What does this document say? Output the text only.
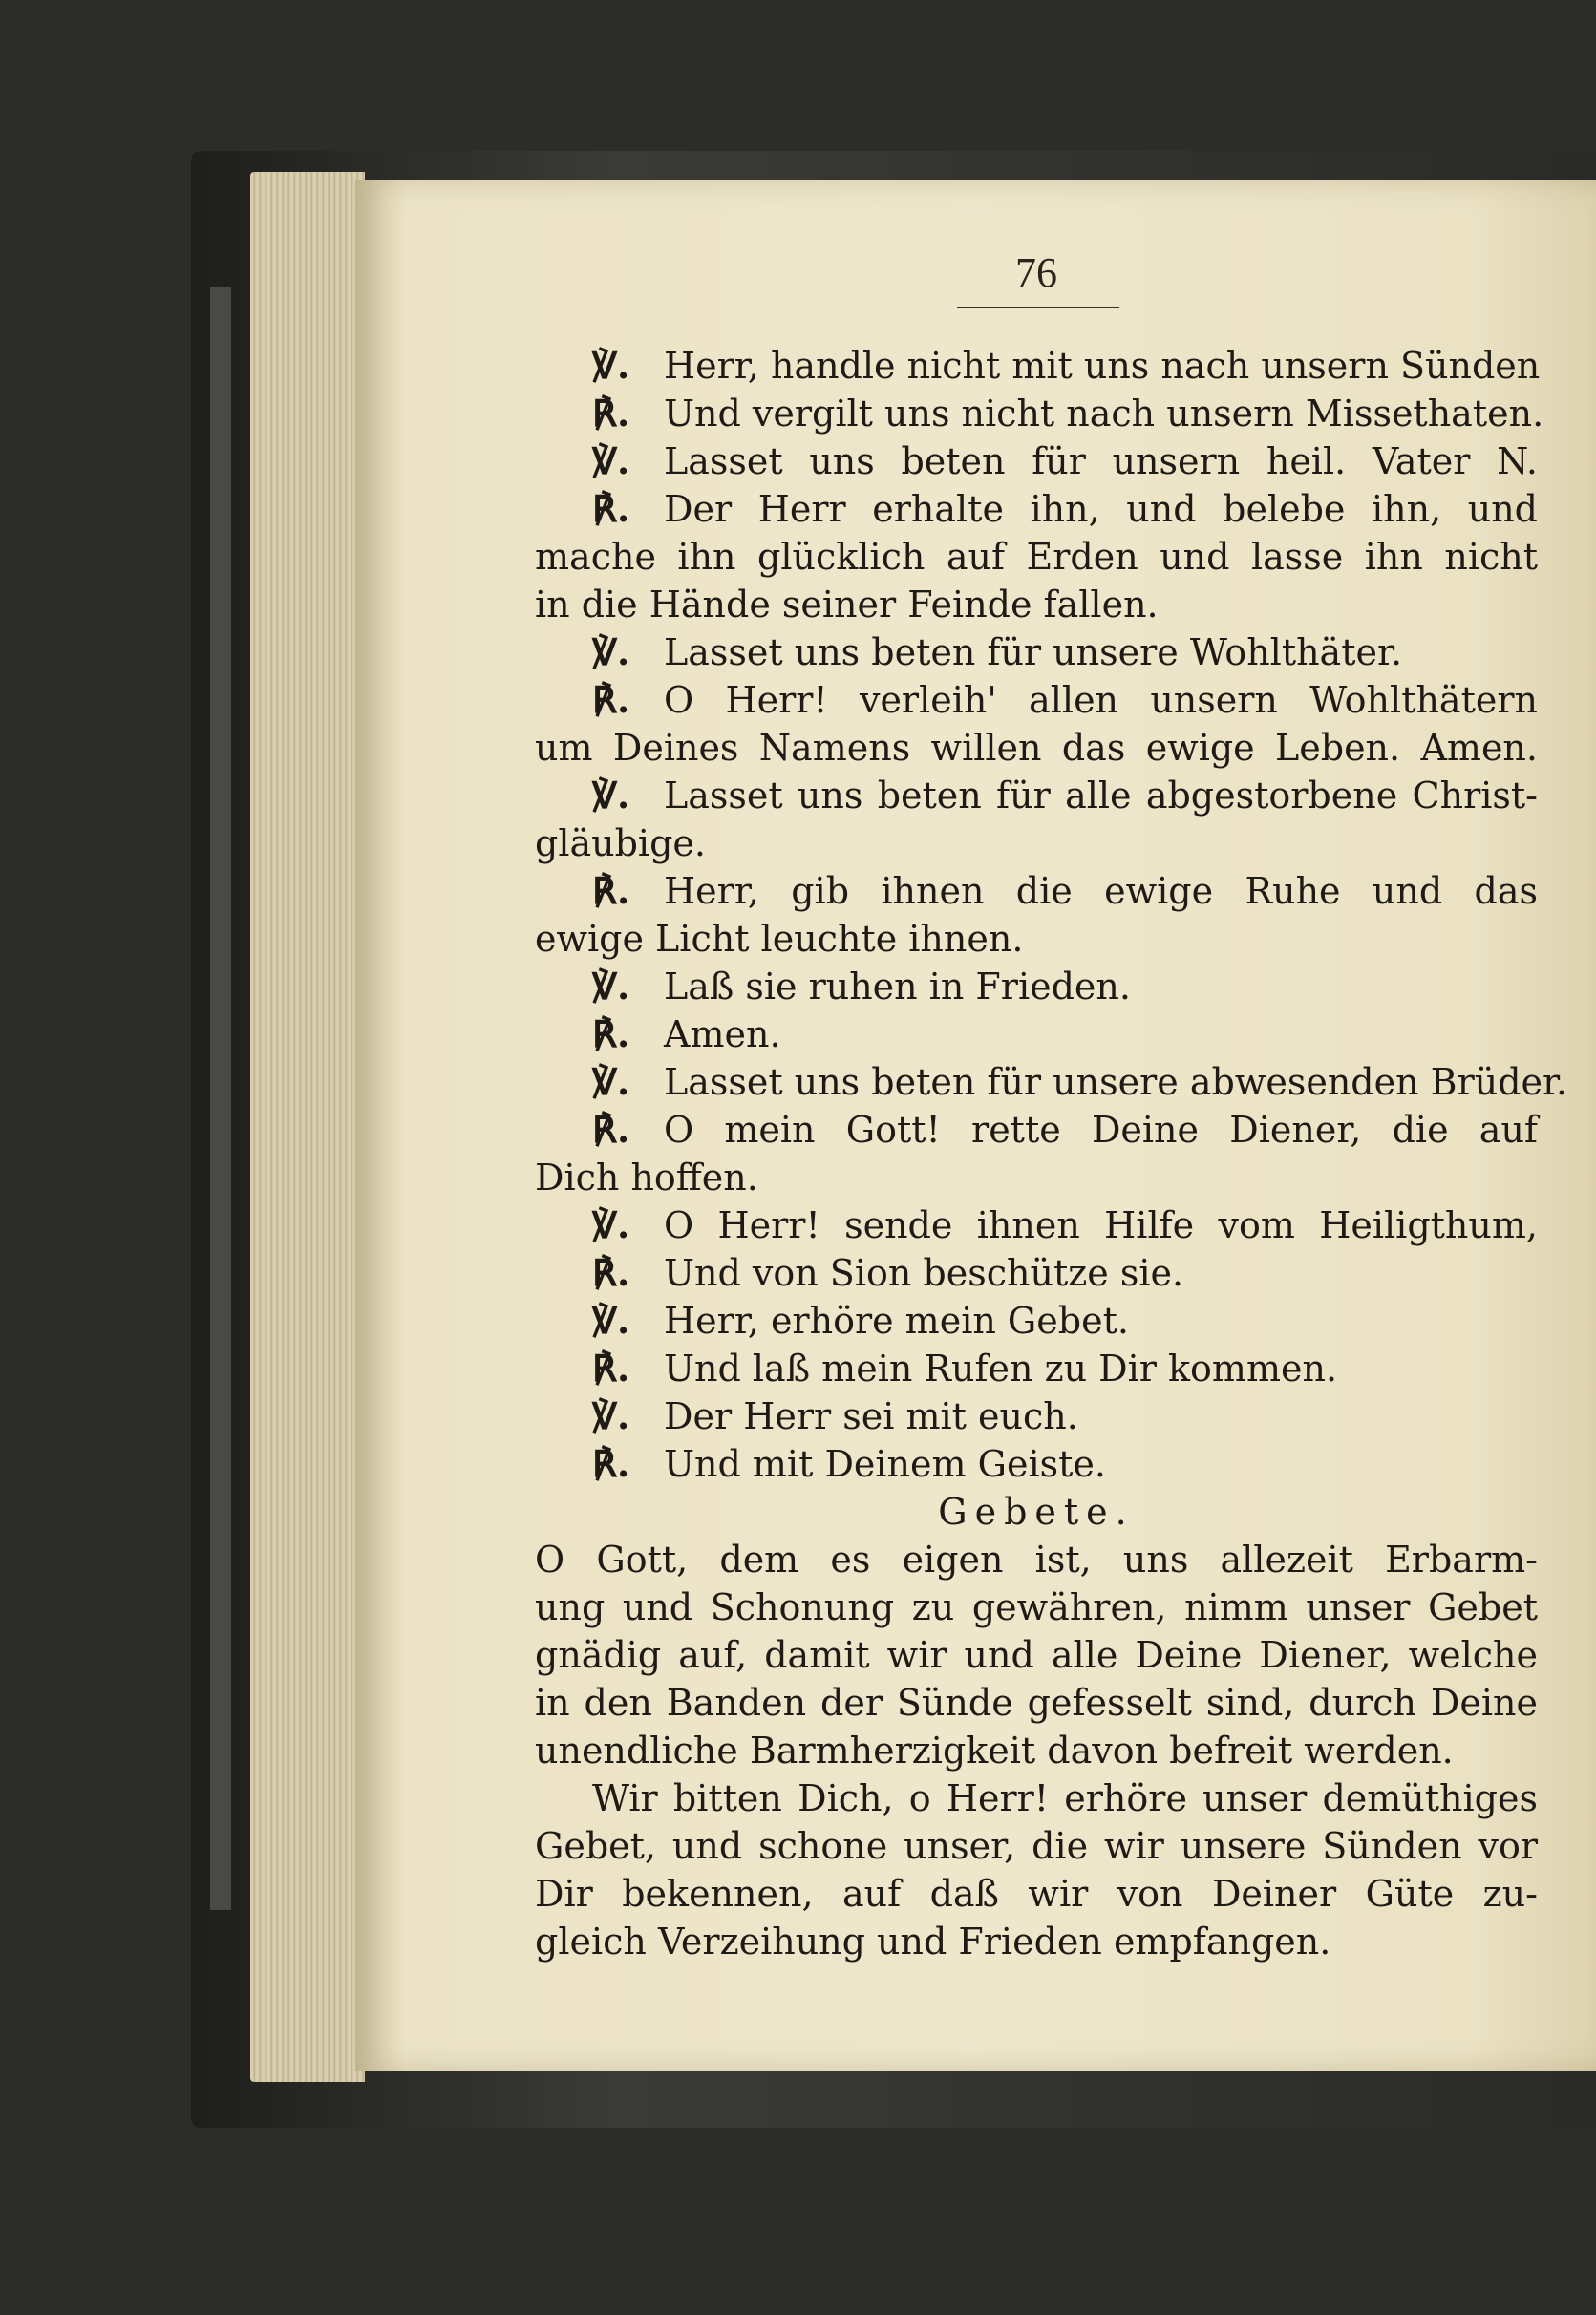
76
℣. Herr, handle nicht mit uns nach unsern Sünden
℟. Und vergilt uns nicht nach unsern Missethaten.
℣. Lasset uns beten für unsern heil. Vater N.
℟. Der Herr erhalte ihn, und belebe ihn, und
mache ihn glücklich auf Erden und lasse ihn nicht
in die Hände seiner Feinde fallen.
℣. Lasset uns beten für unsere Wohlthäter.
℟. O Herr! verleih' allen unsern Wohlthätern
um Deines Namens willen das ewige Leben. Amen.
℣. Lasset uns beten für alle abgestorbene Christ-
gläubige.
℟. Herr, gib ihnen die ewige Ruhe und das
ewige Licht leuchte ihnen.
℣. Laß sie ruhen in Frieden.
℟. Amen.
℣. Lasset uns beten für unsere abwesenden Brüder.
℟. O mein Gott! rette Deine Diener, die auf
Dich hoffen.
℣. O Herr! sende ihnen Hilfe vom Heiligthum,
℟. Und von Sion beschütze sie.
℣. Herr, erhöre mein Gebet.
℟. Und laß mein Rufen zu Dir kommen.
℣. Der Herr sei mit euch.
℟. Und mit Deinem Geiste.
Gebete.
O Gott, dem es eigen ist, uns allezeit Erbarm-
ung und Schonung zu gewähren, nimm unser Gebet
gnädig auf, damit wir und alle Deine Diener, welche
in den Banden der Sünde gefesselt sind, durch Deine
unendliche Barmherzigkeit davon befreit werden.
Wir bitten Dich, o Herr! erhöre unser demüthiges
Gebet, und schone unser, die wir unsere Sünden vor
Dir bekennen, auf daß wir von Deiner Güte zu-
gleich Verzeihung und Frieden empfangen.
